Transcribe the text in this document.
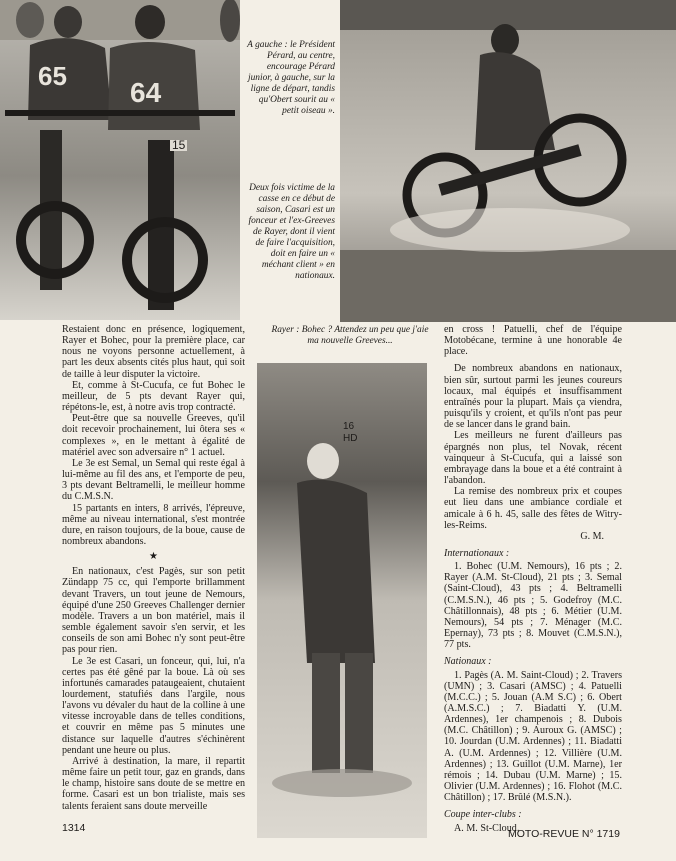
65
64
15
A gauche : le Président Pérard, au centre, encourage Pérard junior, à gauche, sur la ligne de départ, tandis qu'Obert sourit au « petit oiseau ».
Deux fois victime de la casse en ce début de saison, Casari est un fonceur et l'ex-Greeves de Rayer, dont il vient de faire l'acquisition, doit en faire un « méchant client » en nationaux.

Restaient donc en présence, logiquement, Rayer et Bohec, pour la première place, car nous ne voyons personne actuellement, à part les deux absents cités plus haut, qui soit de taille à leur disputer la victoire.

Et, comme à St-Cucufa, ce fut Bohec le meilleur, de 5 pts devant Rayer qui, répétons-le, est, à notre avis trop contracté.

Peut-être que sa nouvelle Greeves, qu'il doit recevoir prochainement, lui ôtera ses « complexes », en le mettant à égalité de matériel avec son adversaire n° 1 actuel.

Le 3e est Semal, un Semal qui reste égal à lui-même au fil des ans, et l'emporte de peu, 3 pts devant Beltramelli, le meilleur homme du C.M.S.N.

15 partants en inters, 8 arrivés, l'épreuve, même au niveau international, s'est montrée dure, en raison toujours, de la boue, cause de nombreux abandons.

★

En nationaux, c'est Pagès, sur son petit Zündapp 75 cc, qui l'emporte brillamment devant Travers, un tout jeune de Nemours, équipé d'une 250 Greeves Challenger dernier modèle. Travers a un bon matériel, mais il semble également savoir s'en servir, et les conseils de son ami Bohec n'y sont peut-être pas pour rien.

Le 3e est Casari, un fonceur, qui, lui, n'a certes pas été gêné par la boue. Là où ses infortunés camarades pataugeaient, chutaient lourdement, statufiés dans l'argile, nous l'avons vu dévaler du haut de la colline à une vitesse incroyable dans de telles conditions, et couvrir en même pas 5 minutes une distance sur laquelle d'autres s'échinèrent pendant une heure ou plus.

Arrivé à destination, la mare, il repartit même faire un petit tour, gaz en grands, dans le champ, histoire sans doute de se mettre en forme. Casari est un bon trialiste, mais ses talents feraient sans doute merveille

Rayer : Bohec ? Attendez un peu que j'aie ma nouvelle Greeves...
16 HD

en cross ! Patuelli, chef de l'équipe Motobécane, termine à une honorable 4e place.

De nombreux abandons en nationaux, bien sûr, surtout parmi les jeunes coureurs locaux, mal équipés et insuffisamment entraînés pour la plupart. Mais ça viendra, puisqu'ils y croient, et qu'ils n'ont pas peur de se lancer dans le grand bain.

Les meilleurs ne furent d'ailleurs pas épargnés non plus, tel Novak, récent vainqueur à St-Cucufa, qui a laissé son embrayage dans la boue et a été contraint à l'abandon.

La remise des nombreux prix et coupes eut lieu dans une ambiance cordiale et amicale à 6 h. 45, salle des fêtes de Witry-les-Reims.

G. M.
Internationaux :

1. Bohec (U.M. Nemours), 16 pts ; 2. Rayer (A.M. St-Cloud), 21 pts ; 3. Semal (Saint-Cloud), 43 pts ; 4. Beltramelli (C.M.S.N.), 46 pts ; 5. Godefroy (M.C. Châtillonnais), 48 pts ; 6. Métier (U.M. Nemours), 54 pts ; 7. Ménager (M.C. Epernay), 73 pts ; 8. Mouvet (C.M.S.N.), 77 pts.

Nationaux :

1. Pagès (A. M. Saint-Cloud) ; 2. Travers (UMN) ; 3. Casari (AMSC) ; 4. Patuelli (M.C.C.) ; 5. Jouan (A.M S.C) ; 6. Obert (A.M.S.C.) ; 7. Biadatti Y. (U.M. Ardennes), 1er champenois ; 8. Dubois (M.C. Châtillon) ; 9. Auroux G. (AMSC) ; 10. Jourdan (U.M. Ardennes) ; 11. Biadatti A. (U.M. Ardennes) ; 12. Villière (U.M. Ardennes) ; 13. Guillot (U.M. Marne), 1er rémois ; 14. Dubau (U.M. Marne) ; 15. Olivier (U.M. Ardennes) ; 16. Flohot (M.C. Châtillon) ; 17. Brûlé (M.S.N.).

Coupe inter-clubs :

A. M. St-Cloud.

1314	MOTO-REVUE N° 1719
